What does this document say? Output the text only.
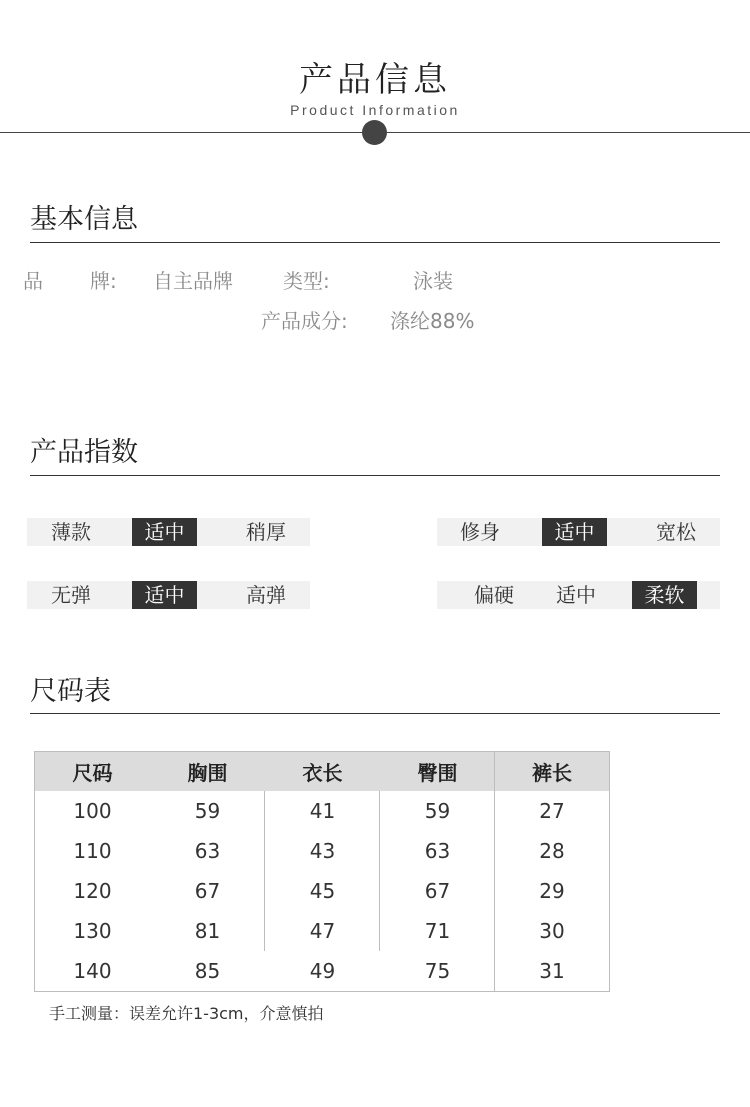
产品信息
Product Information
基本信息
品 牌: 自主品牌	类型:	泳装
产品成分: 涤纶88%
产品指数
薄款	适中	稍厚	修身	适中	宽松
无弹	适中	高弹	偏硬	适中	柔软
尺码表
尺码	胸围	衣长	臀围	裤长
100	59	41	59	27
110	63	43	63	28
120	67	45	67	29
130	81	47	71	30
140	85	49	75	31
手工测量：误差允许1-3cm，介意慎拍
